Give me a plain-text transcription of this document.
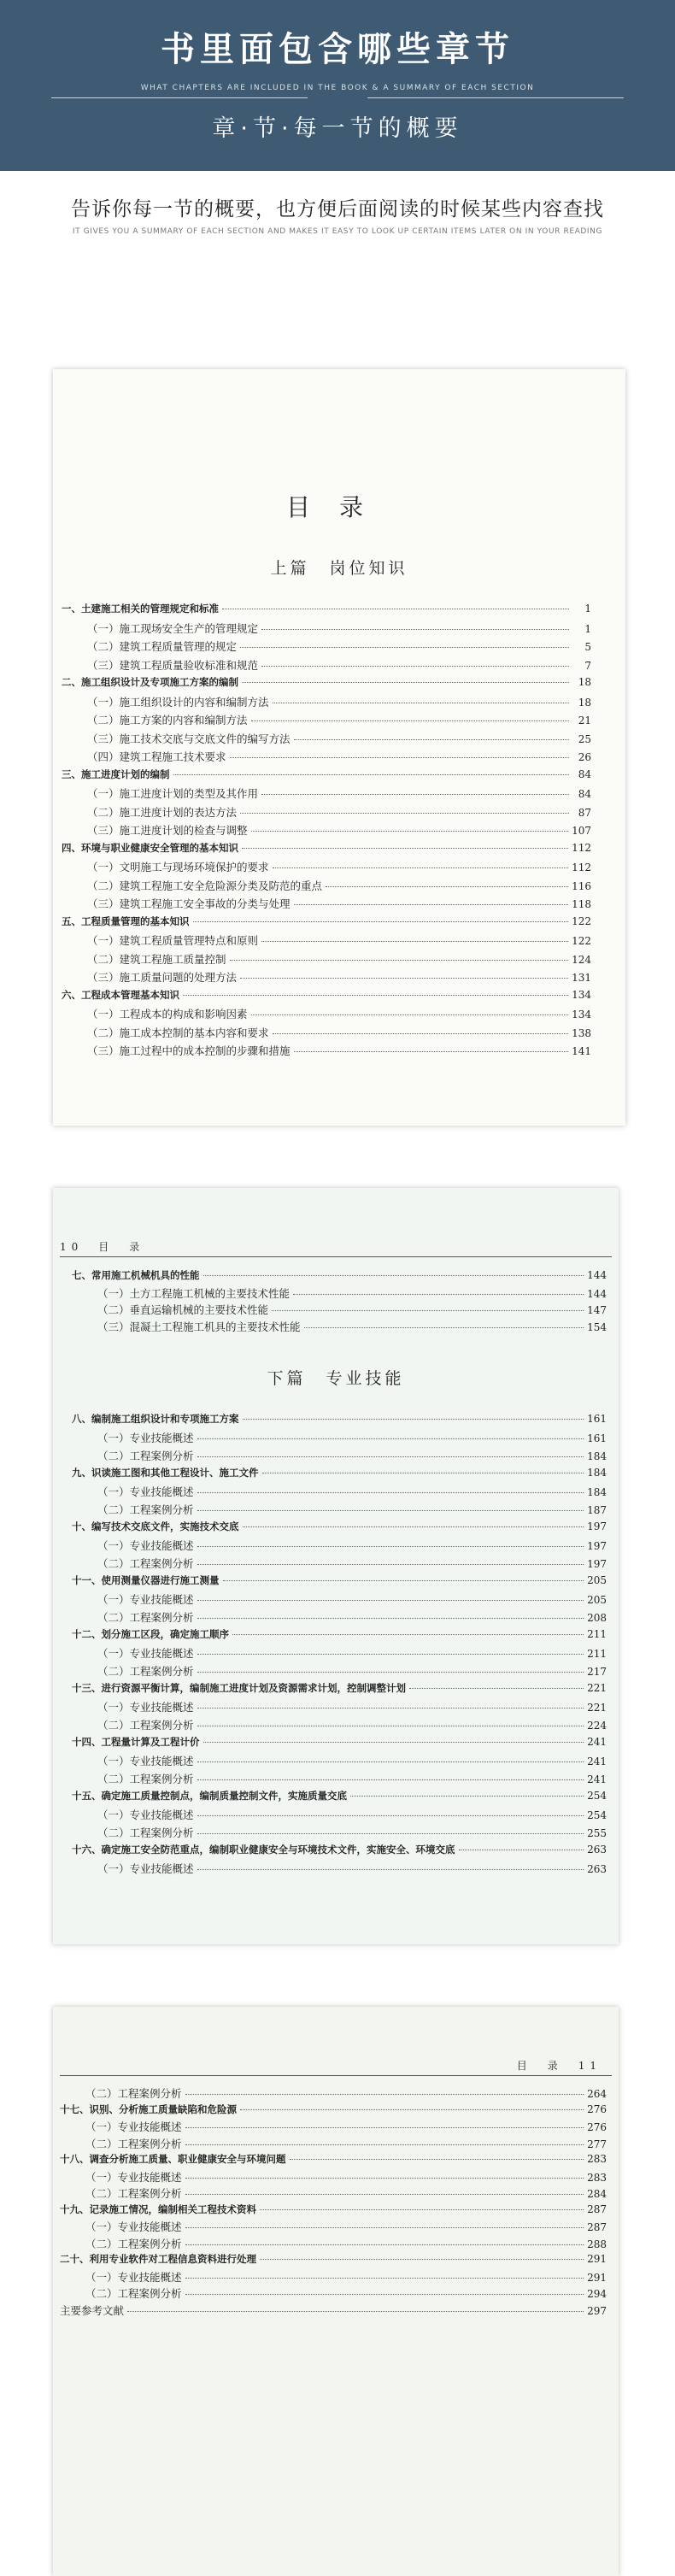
书里面包含哪些章节
WHAT CHAPTERS ARE INCLUDED IN THE BOOK & A SUMMARY OF EACH SECTION
章·节·每一节的概要
告诉你每一节的概要，也方便后面阅读的时候某些内容查找
IT GIVES YOU A SUMMARY OF EACH SECTION AND MAKES IT EASY TO LOOK UP CERTAIN ITEMS LATER ON IN YOUR READING
目录
上篇　岗位知识
一、土建施工相关的管理规定和标准	1
（一）施工现场安全生产的管理规定	1
（二）建筑工程质量管理的规定	5
（三）建筑工程质量验收标准和规范	7
二、施工组织设计及专项施工方案的编制	18
（一）施工组织设计的内容和编制方法	18
（二）施工方案的内容和编制方法	21
（三）施工技术交底与交底文件的编写方法	25
（四）建筑工程施工技术要求	26
三、施工进度计划的编制	84
（一）施工进度计划的类型及其作用	84
（二）施工进度计划的表达方法	87
（三）施工进度计划的检查与调整	107
四、环境与职业健康安全管理的基本知识	112
（一）文明施工与现场环境保护的要求	112
（二）建筑工程施工安全危险源分类及防范的重点	116
（三）建筑工程施工安全事故的分类与处理	118
五、工程质量管理的基本知识	122
（一）建筑工程质量管理特点和原则	122
（二）建筑工程施工质量控制	124
（三）施工质量问题的处理方法	131
六、工程成本管理基本知识	134
（一）工程成本的构成和影响因素	134
（二）施工成本控制的基本内容和要求	138
（三）施工过程中的成本控制的步骤和措施	141
10　目　录
七、常用施工机械机具的性能	144
（一）土方工程施工机械的主要技术性能	144
（二）垂直运输机械的主要技术性能	147
（三）混凝土工程施工机具的主要技术性能	154
下篇　专业技能
八、编制施工组织设计和专项施工方案	161
（一）专业技能概述	161
（二）工程案例分析	184
九、识读施工图和其他工程设计、施工文件	184
（一）专业技能概述	184
（二）工程案例分析	187
十、编写技术交底文件，实施技术交底	197
（一）专业技能概述	197
（二）工程案例分析	197
十一、使用测量仪器进行施工测量	205
（一）专业技能概述	205
（二）工程案例分析	208
十二、划分施工区段，确定施工顺序	211
（一）专业技能概述	211
（二）工程案例分析	217
十三、进行资源平衡计算，编制施工进度计划及资源需求计划，控制调整计划	221
（一）专业技能概述	221
（二）工程案例分析	224
十四、工程量计算及工程计价	241
（一）专业技能概述	241
（二）工程案例分析	241
十五、确定施工质量控制点，编制质量控制文件，实施质量交底	254
（一）专业技能概述	254
（二）工程案例分析	255
十六、确定施工安全防范重点，编制职业健康安全与环境技术文件，实施安全、环境交底	263
（一）专业技能概述	263
目　录　11
（二）工程案例分析	264
十七、识别、分析施工质量缺陷和危险源	276
（一）专业技能概述	276
（二）工程案例分析	277
十八、调查分析施工质量、职业健康安全与环境问题	283
（一）专业技能概述	283
（二）工程案例分析	284
十九、记录施工情况，编制相关工程技术资料	287
（一）专业技能概述	287
（二）工程案例分析	288
二十、利用专业软件对工程信息资料进行处理	291
（一）专业技能概述	291
（二）工程案例分析	294
主要参考文献	297
